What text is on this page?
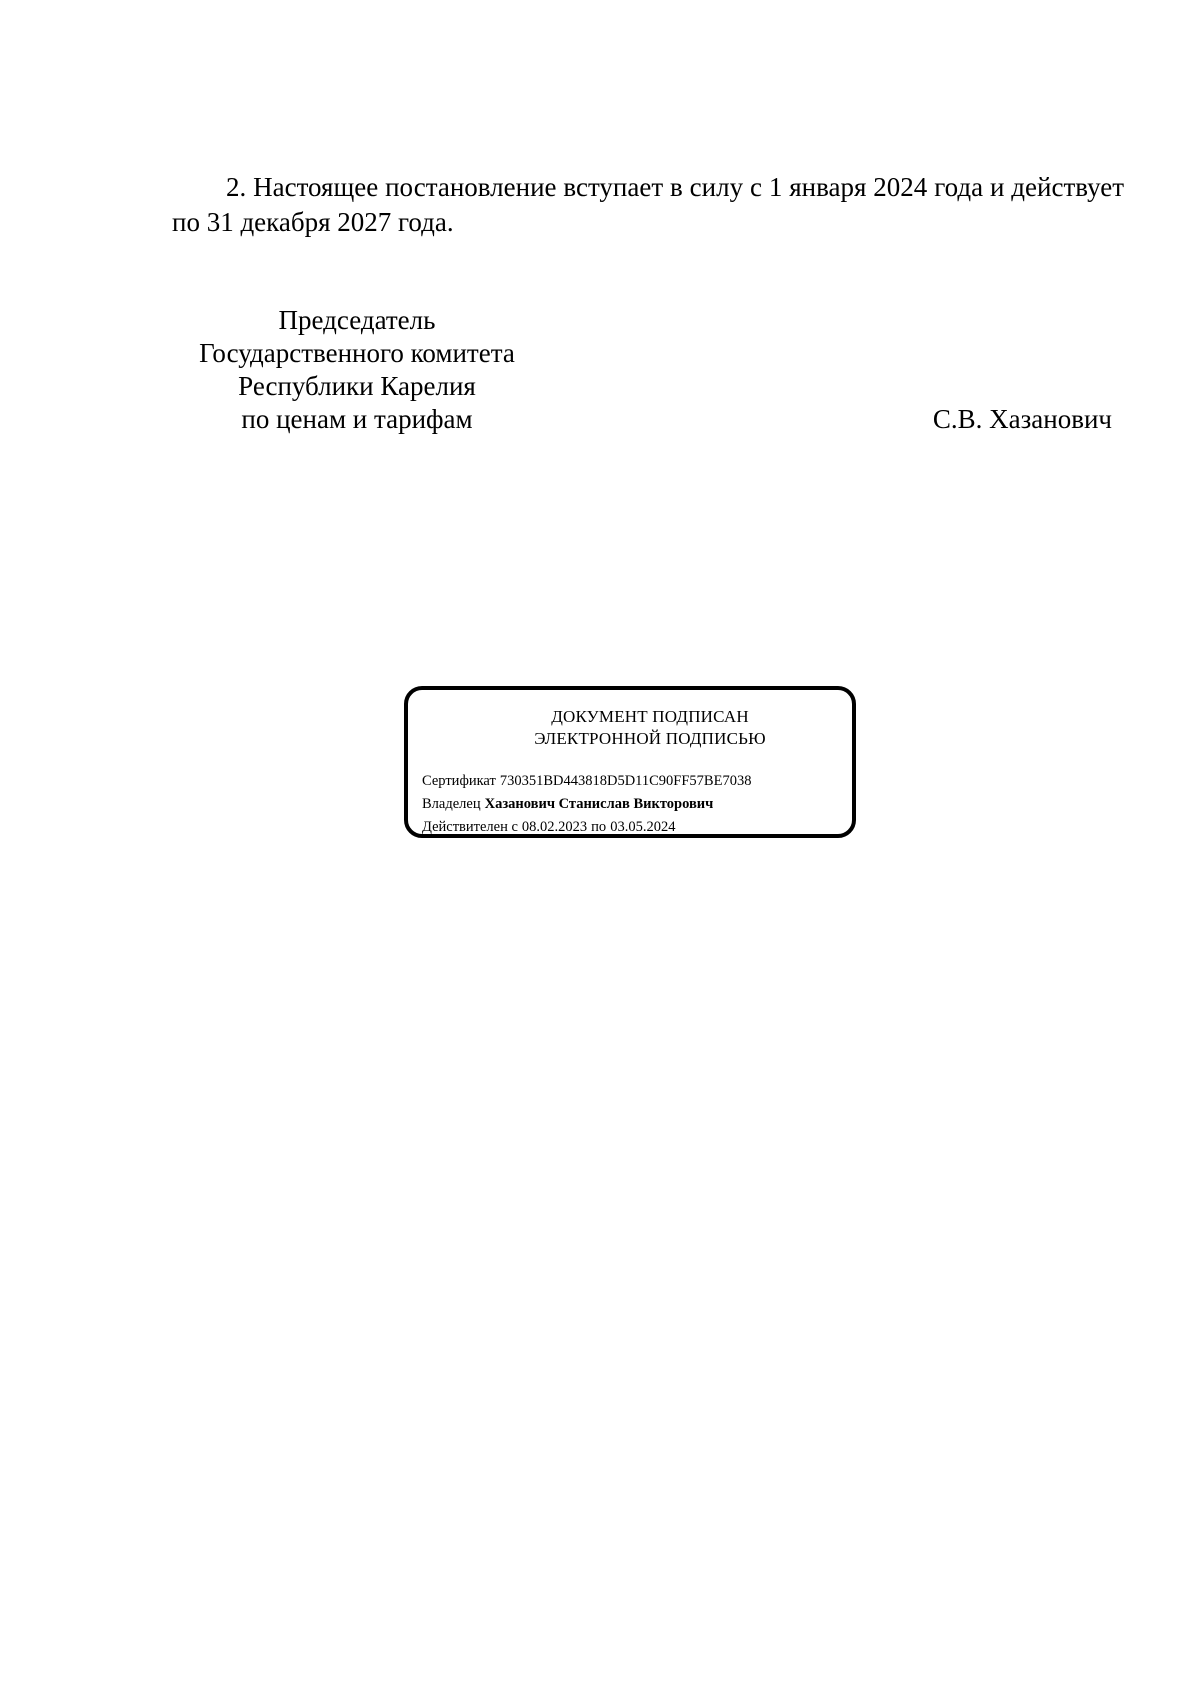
2. Настоящее постановление вступает в силу с 1 января 2024 года и действует по 31 декабря 2027 года.

Председатель
Государственного комитета
Республики Карелия
по ценам и тарифам	С.В. Хазанович
ДОКУМЕНТ ПОДПИСАН
ЭЛЕКТРОННОЙ ПОДПИСЬЮ
Сертификат 730351BD443818D5D11C90FF57BE7038
Владелец Хазанович Станислав Викторович
Действителен с 08.02.2023 по 03.05.2024
